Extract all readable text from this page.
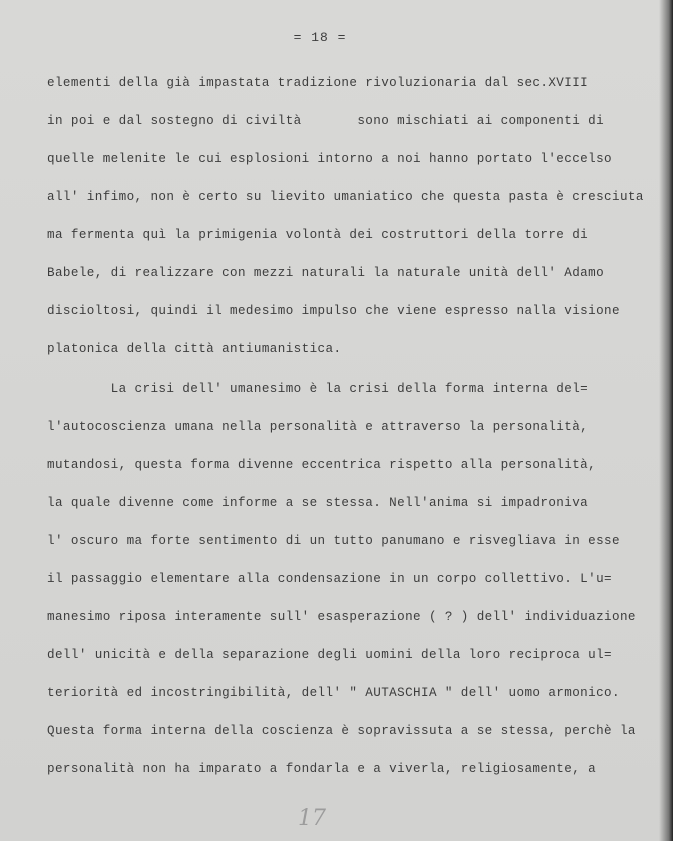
= 18 =
elementi della già impastata tradizione rivoluzionaria dal sec.XVIII
in poi e dal sostegno di civiltà       sono mischiati ai componenti di
quelle melenite le cui esplosioni intorno a noi hanno portato l'eccelso
all' infimo, non è certo su lievito umaniatico che questa pasta è cresciuta
ma fermenta quì la primigenia volontà dei costruttori della torre di
Babele, di realizzare con mezzi naturali la naturale unità dell' Adamo
discioltosi, quindi il medesimo impulso che viene espresso nalla visione
platonica della città antiumanistica.
La crisi dell' umanesimo è la crisi della forma interna del=
l'autocoscienza umana nella personalità e attraverso la personalità,
mutandosi, questa forma divenne eccentrica rispetto alla personalità,
la quale divenne come informe a se stessa. Nell'anima si impadroniva
l' oscuro ma forte sentimento di un tutto panumano e risvegliava in esse
il passaggio elementare alla condensazione in un corpo collettivo. L'u=
manesimo riposa interamente sull' esasperazione ( ? ) dell' individuazione
dell' unicità e della separazione degli uomini della loro reciproca ul=
teriorità ed incostringibilità, dell' " AUTASCHIA " dell' uomo armonico.
Questa forma interna della coscienza è sopravissuta a se stessa, perchè la
personalità non ha imparato a fondarla e a viverla, religiosamente, a
17
